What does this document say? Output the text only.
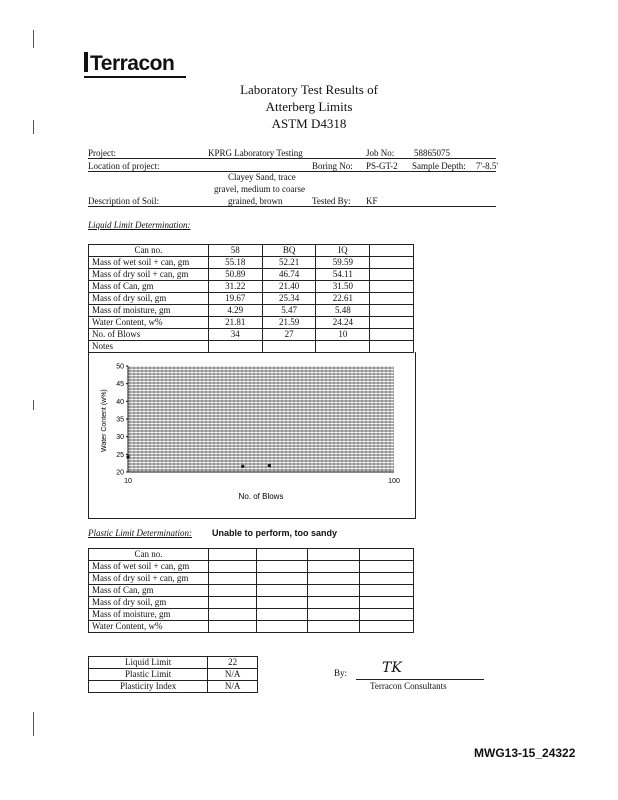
Terracon
Laboratory Test Results of
Atterberg Limits
ASTM D4318
Project:	KPRG Laboratory Testing	Job No: 58865075
Location of project:	Boring No: PS-GT-2 Sample Depth: 7'-8.5'
Clayey Sand, trace
gravel, medium to coarse
Description of Soil:	grained, brown	Tested By: KF
Liquid Limit Determination:
Can no.	58	BQ	IQ	
Mass of wet soil + can, gm	55.18	52.21	59.59	
Mass of dry soil + can, gm	50.89	46.74	54.11	
Mass of Can, gm	31.22	21.40	31.50	
Mass of dry soil, gm	19.67	25.34	22.61	
Mass of moisture, gm	4.29	5.47	5.48	
Water Content, w%	21.81	21.59	24.24	
No. of Blows	34	27	10	
Notes				
50
45
40
35
30
25
20
10	100
Water Content (w%)
No. of Blows
Plastic Limit Determination: Unable to perform, too sandy
Can no.				
Mass of wet soil + can, gm				
Mass of dry soil + can, gm				
Mass of Can, gm				
Mass of dry soil, gm				
Mass of moisture, gm				
Water Content, w%				
Liquid Limit	22
Plastic Limit	N/A
Plasticity Index	N/A
By: TK
Terracon Consultants
MWG13-15_24322
